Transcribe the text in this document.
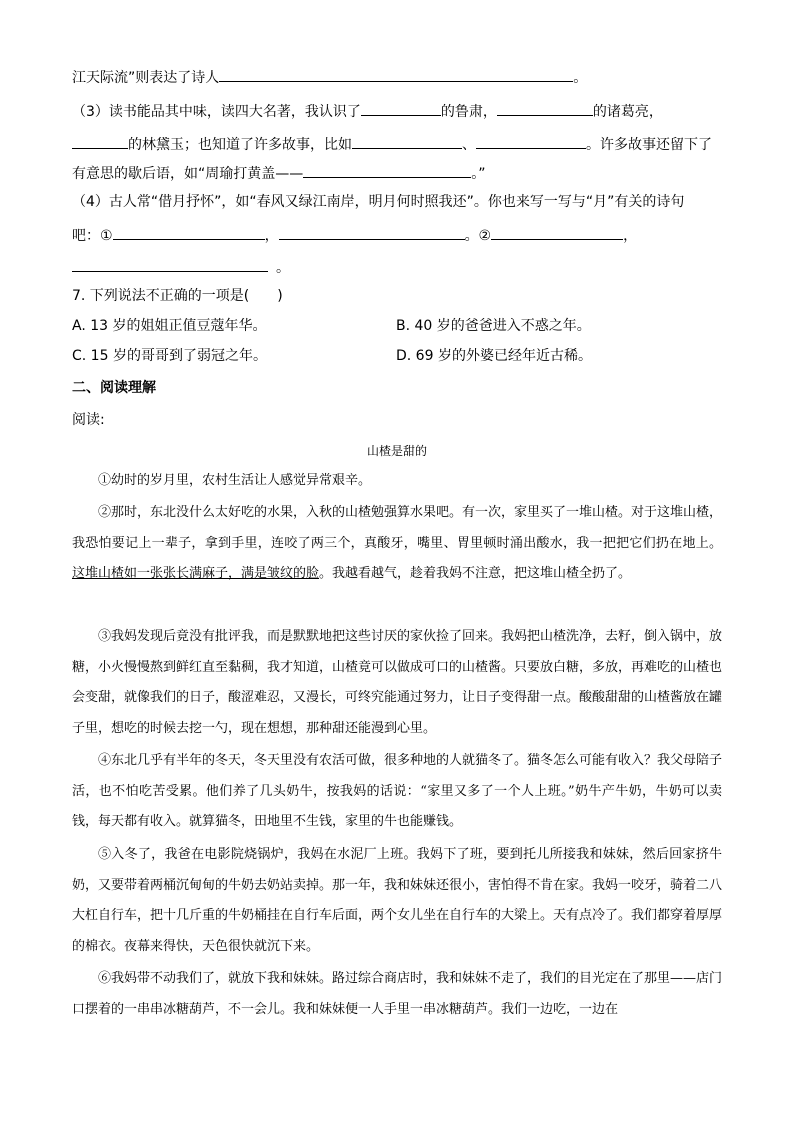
江天际流”则表达了诗人	。
（3）读书能品其中味，读四大名著，我认识了	的鲁肃，	的诸葛亮，
的林黛玉；也知道了许多故事，比如	、	。许多故事还留下了
有意思的歇后语，如“周瑜打黄盖——	。”
（4）古人常“借月抒怀”，如“春风又绿江南岸，明月何时照我还”。你也来写一写与“月”有关的诗句
吧：①	，	。②	，
。
7. 下列说法不正确的一项是(　　)
A. 13 岁的姐姐正值豆蔻年华。	B. 40 岁的爸爸进入不惑之年。
C. 15 岁的哥哥到了弱冠之年。	D. 69 岁的外婆已经年近古稀。
二、阅读理解
阅读:
山楂是甜的
①幼时的岁月里，农村生活让人感觉异常艰辛。
②那时，东北没什么太好吃的水果，入秋的山楂勉强算水果吧。有一次，家里买了一堆山楂。对于这堆山楂，我恐怕要记上一辈子，拿到手里，连咬了两三个，真酸牙，嘴里、胃里顿时涌出酸水，我一把把它们扔在地上。这堆山楂如一张张长满麻子，满是皱纹的脸。我越看越气，趁着我妈不注意，把这堆山楂全扔了。
③我妈发现后竟没有批评我，而是默默地把这些讨厌的家伙捡了回来。我妈把山楂洗净，去籽，倒入锅中，放糖，小火慢慢熬到鲜红直至黏稠，我才知道，山楂竟可以做成可口的山楂酱。只要放白糖，多放，再难吃的山楂也会变甜，就像我们的日子，酸涩难忍，又漫长，可终究能通过努力，让日子变得甜一点。酸酸甜甜的山楂酱放在罐子里，想吃的时候去挖一勺，现在想想，那种甜还能漫到心里。
④东北几乎有半年的冬天，冬天里没有农活可做，很多种地的人就猫冬了。猫冬怎么可能有收入？我父母陪子活，也不怕吃苦受累。他们养了几头奶牛，按我妈的话说：“家里又多了一个人上班。”奶牛产牛奶，牛奶可以卖钱，每天都有收入。就算猫冬，田地里不生钱，家里的牛也能赚钱。
⑤入冬了，我爸在电影院烧锅炉，我妈在水泥厂上班。我妈下了班，要到托儿所接我和妹妹，然后回家挤牛奶，又要带着两桶沉甸甸的牛奶去奶站卖掉。那一年，我和妹妹还很小，害怕得不肯在家。我妈一咬牙，骑着二八大杠自行车，把十几斤重的牛奶桶挂在自行车后面，两个女儿坐在自行车的大梁上。天有点冷了。我们都穿着厚厚的棉衣。夜幕来得快，天色很快就沉下来。
⑥我妈带不动我们了，就放下我和妹妹。路过综合商店时，我和妹妹不走了，我们的目光定在了那里——店门口摆着的一串串冰糖葫芦，不一会儿。我和妹妹便一人手里一串冰糖葫芦。我们一边吃，一边在
